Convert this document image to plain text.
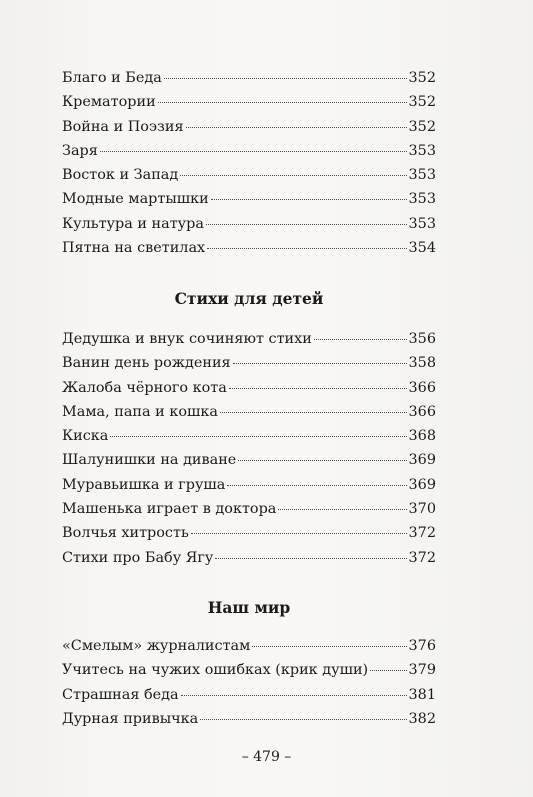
Благо и Беда	352
Крематории	352
Война и Поэзия	352
Заря	353
Восток и Запад	353
Модные мартышки	353
Культура и натура	353
Пятна на светилах	354
Стихи для детей
Дедушка и внук сочиняют стихи	356
Ванин день рождения	358
Жалоба чёрного кота	366
Мама, папа и кошка	366
Киска	368
Шалунишки на диване	369
Муравьишка и груша	369
Машенька играет в доктора	370
Волчья хитрость	372
Стихи про Бабу Ягу	372
Наш мир
«Смелым» журналистам	376
Учитесь на чужих ошибках (крик души)	379
Страшная беда	381
Дурная привычка	382
– 479 –
